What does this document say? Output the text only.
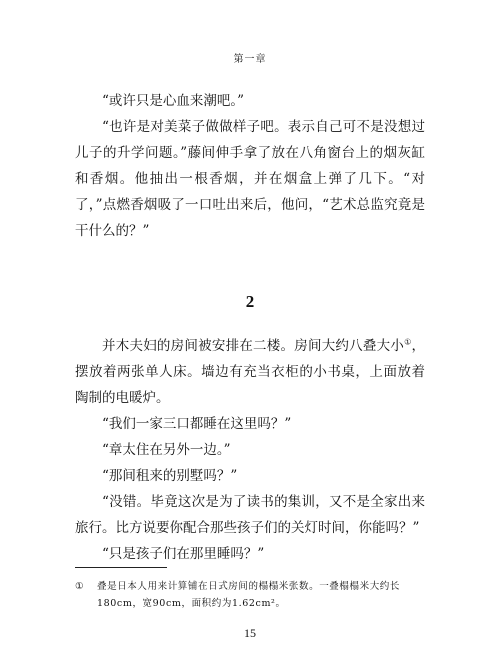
第一章

“或许只是心血来潮吧。”

“也许是对美菜子做做样子吧。表示自己可不是没想过儿子的升学问题。”藤间伸手拿了放在八角窗台上的烟灰缸和香烟。他抽出一根香烟，并在烟盒上弹了几下。“对了，”点燃香烟吸了一口吐出来后，他问，“艺术总监究竟是干什么的？”

2

并木夫妇的房间被安排在二楼。房间大约八叠大小①，摆放着两张单人床。墙边有充当衣柜的小书桌，上面放着陶制的电暖炉。

“我们一家三口都睡在这里吗？”

“章太住在另外一边。”

“那间租来的别墅吗？”

“没错。毕竟这次是为了读书的集训，又不是全家出来旅行。比方说要你配合那些孩子们的关灯时间，你能吗？”

“只是孩子们在那里睡吗？”

①	叠是日本人用来计算铺在日式房间的榻榻米张数。一叠榻榻米大约长180cm，宽90cm，面积约为1.62cm²。
15
